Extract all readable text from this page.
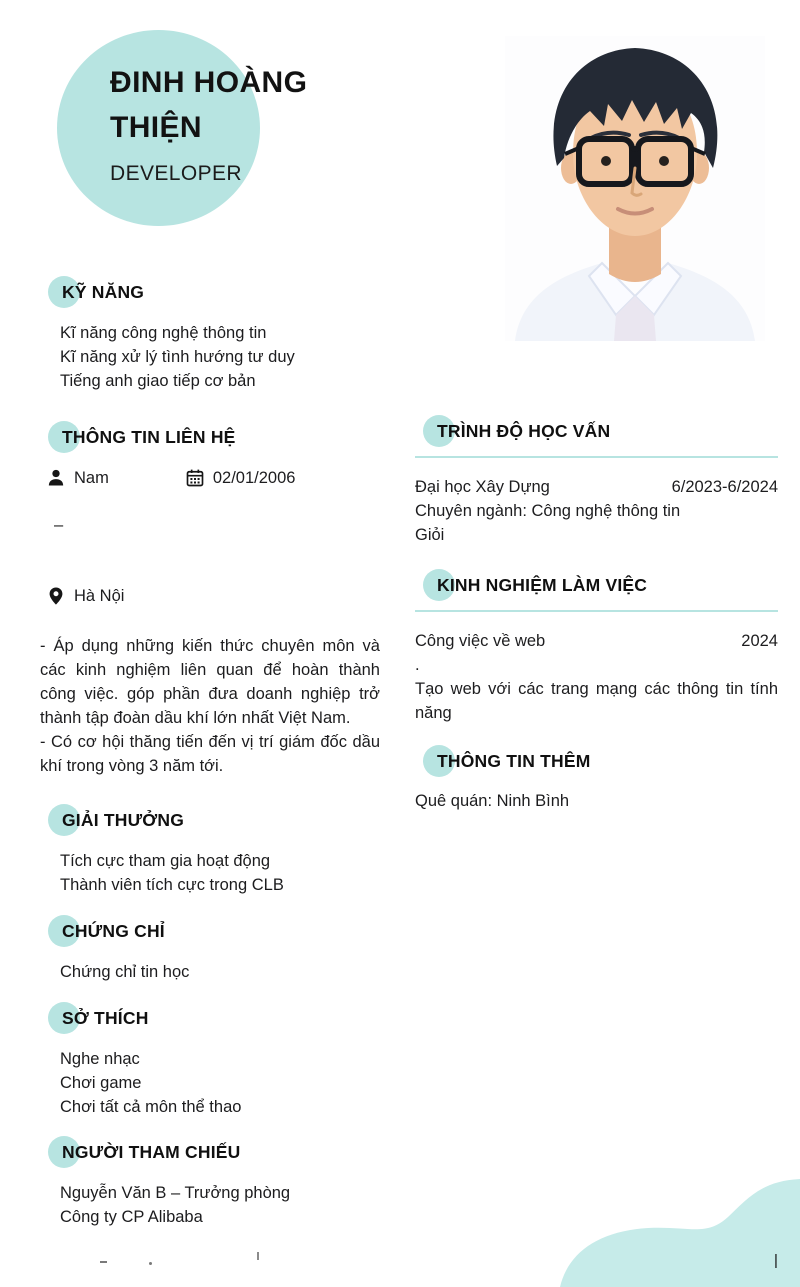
ĐINH HOÀNG
THIỆN
DEVELOPER
KỸ NĂNG
Kĩ năng công nghệ thông tin
Kĩ năng xử lý tình hướng tư duy
Tiếng anh giao tiếp cơ bản
THÔNG TIN LIÊN HỆ
Nam	02/01/2006
–
Hà Nội
- Áp dụng những kiến thức chuyên môn và các kinh nghiệm liên quan để hoàn thành công việc. góp phần đưa doanh nghiệp trở thành tập đoàn dầu khí lớn nhất Việt Nam.
- Có cơ hội thăng tiến đến vị trí giám đốc dầu khí trong vòng 3 năm tới.
GIẢI THƯỞNG
Tích cực tham gia hoạt động
Thành viên tích cực trong CLB
CHỨNG CHỈ
Chứng chỉ tin học
SỞ THÍCH
Nghe nhạc
Chơi game
Chơi tất cả môn thể thao
NGƯỜI THAM CHIẾU
Nguyễn Văn B – Trưởng phòng
Công ty CP Alibaba
TRÌNH ĐỘ HỌC VẤN
Đại học Xây Dựng	6/2023-6/2024
Chuyên ngành: Công nghệ thông tin
Giỏi
KINH NGHIỆM LÀM VIỆC
Công việc về web	2024
.
Tạo web với các trang mạng các thông tin tính năng
THÔNG TIN THÊM
Quê quán: Ninh Bình
|
